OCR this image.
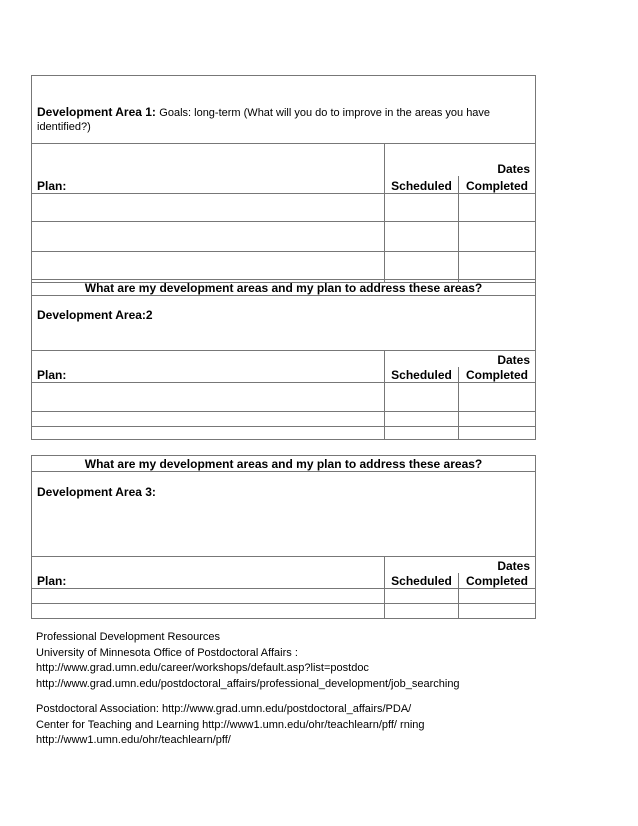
Development Area 1: Goals: long-term (What will you do to improve in the areas you have identified?)		
	Dates	
Plan:	Scheduled	Completed

What are my development areas and my plan to address these areas?		
Development Area:2		
	Dates	
Plan:	Scheduled	Completed

What are my development areas and my plan to address these areas?		
Development Area 3:		
	Dates	
Plan:	Scheduled	Completed

Professional Development Resources
University of Minnesota Office of Postdoctoral Affairs :
http://www.grad.umn.edu/career/workshops/default.asp?list=postdoc
http://www.grad.umn.edu/postdoctoral_affairs/professional_development/job_searching
Postdoctoral Association: http://www.grad.umn.edu/postdoctoral_affairs/PDA/
Center for Teaching and Learning http://www1.umn.edu/ohr/teachlearn/pff/ rning
http://www1.umn.edu/ohr/teachlearn/pff/
